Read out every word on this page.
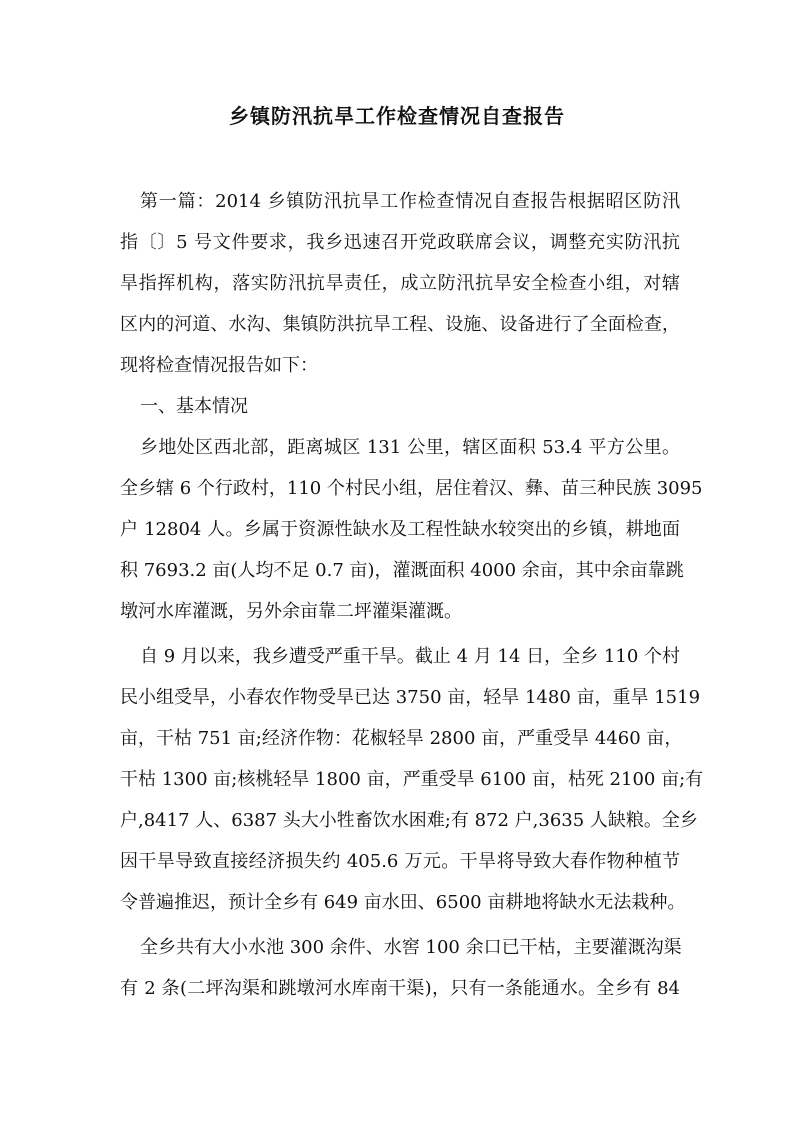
乡镇防汛抗旱工作检查情况自查报告
第一篇：2014 乡镇防汛抗旱工作检查情况自查报告根据昭区防汛
指〔〕5 号文件要求，我乡迅速召开党政联席会议，调整充实防汛抗
旱指挥机构，落实防汛抗旱责任，成立防汛抗旱安全检查小组，对辖
区内的河道、水沟、集镇防洪抗旱工程、设施、设备进行了全面检查，
现将检查情况报告如下：
一、基本情况
乡地处区西北部，距离城区 131 公里，辖区面积 53.4 平方公里。
全乡辖 6 个行政村，110 个村民小组，居住着汉、彝、苗三种民族 3095
户 12804 人。乡属于资源性缺水及工程性缺水较突出的乡镇，耕地面
积 7693.2 亩(人均不足 0.7 亩)，灌溉面积 4000 余亩，其中余亩靠跳
墩河水库灌溉，另外余亩靠二坪灌渠灌溉。
自 9 月以来，我乡遭受严重干旱。截止 4 月 14 日，全乡 110 个村
民小组受旱，小春农作物受旱已达 3750 亩，轻旱 1480 亩，重旱 1519
亩，干枯 751 亩;经济作物：花椒轻旱 2800 亩，严重受旱 4460 亩，
干枯 1300 亩;核桃轻旱 1800 亩，严重受旱 6100 亩，枯死 2100 亩;有
户,8417 人、6387 头大小牲畜饮水困难;有 872 户,3635 人缺粮。全乡
因干旱导致直接经济损失约 405.6 万元。干旱将导致大春作物种植节
令普遍推迟，预计全乡有 649 亩水田、6500 亩耕地将缺水无法栽种。
全乡共有大小水池 300 余件、水窖 100 余口已干枯，主要灌溉沟渠
有 2 条(二坪沟渠和跳墩河水库南干渠)，只有一条能通水。全乡有 84
